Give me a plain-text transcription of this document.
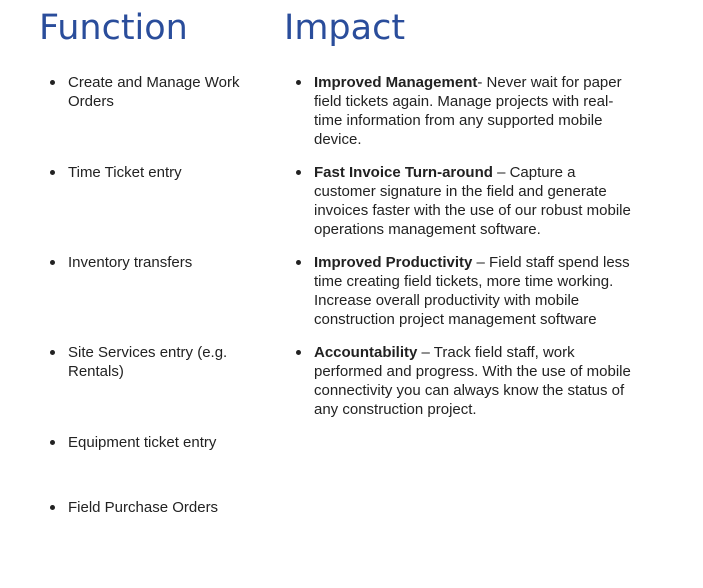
Function	Impact
Create and Manage Work Orders
Time Ticket entry
Inventory transfers
Site Services entry (e.g. Rentals)
Equipment ticket entry
Field Purchase Orders

Improved Management- Never wait for paper field tickets again. Manage projects with real-time information from any supported mobile device.

Fast Invoice Turn-around – Capture a customer signature in the field and generate invoices faster with the use of our robust mobile operations management software.

Improved Productivity – Field staff spend less time creating field tickets, more time working. Increase overall productivity with mobile construction project management software

Accountability – Track field staff, work performed and progress. With the use of mobile connectivity you can always know the status of any construction project.
